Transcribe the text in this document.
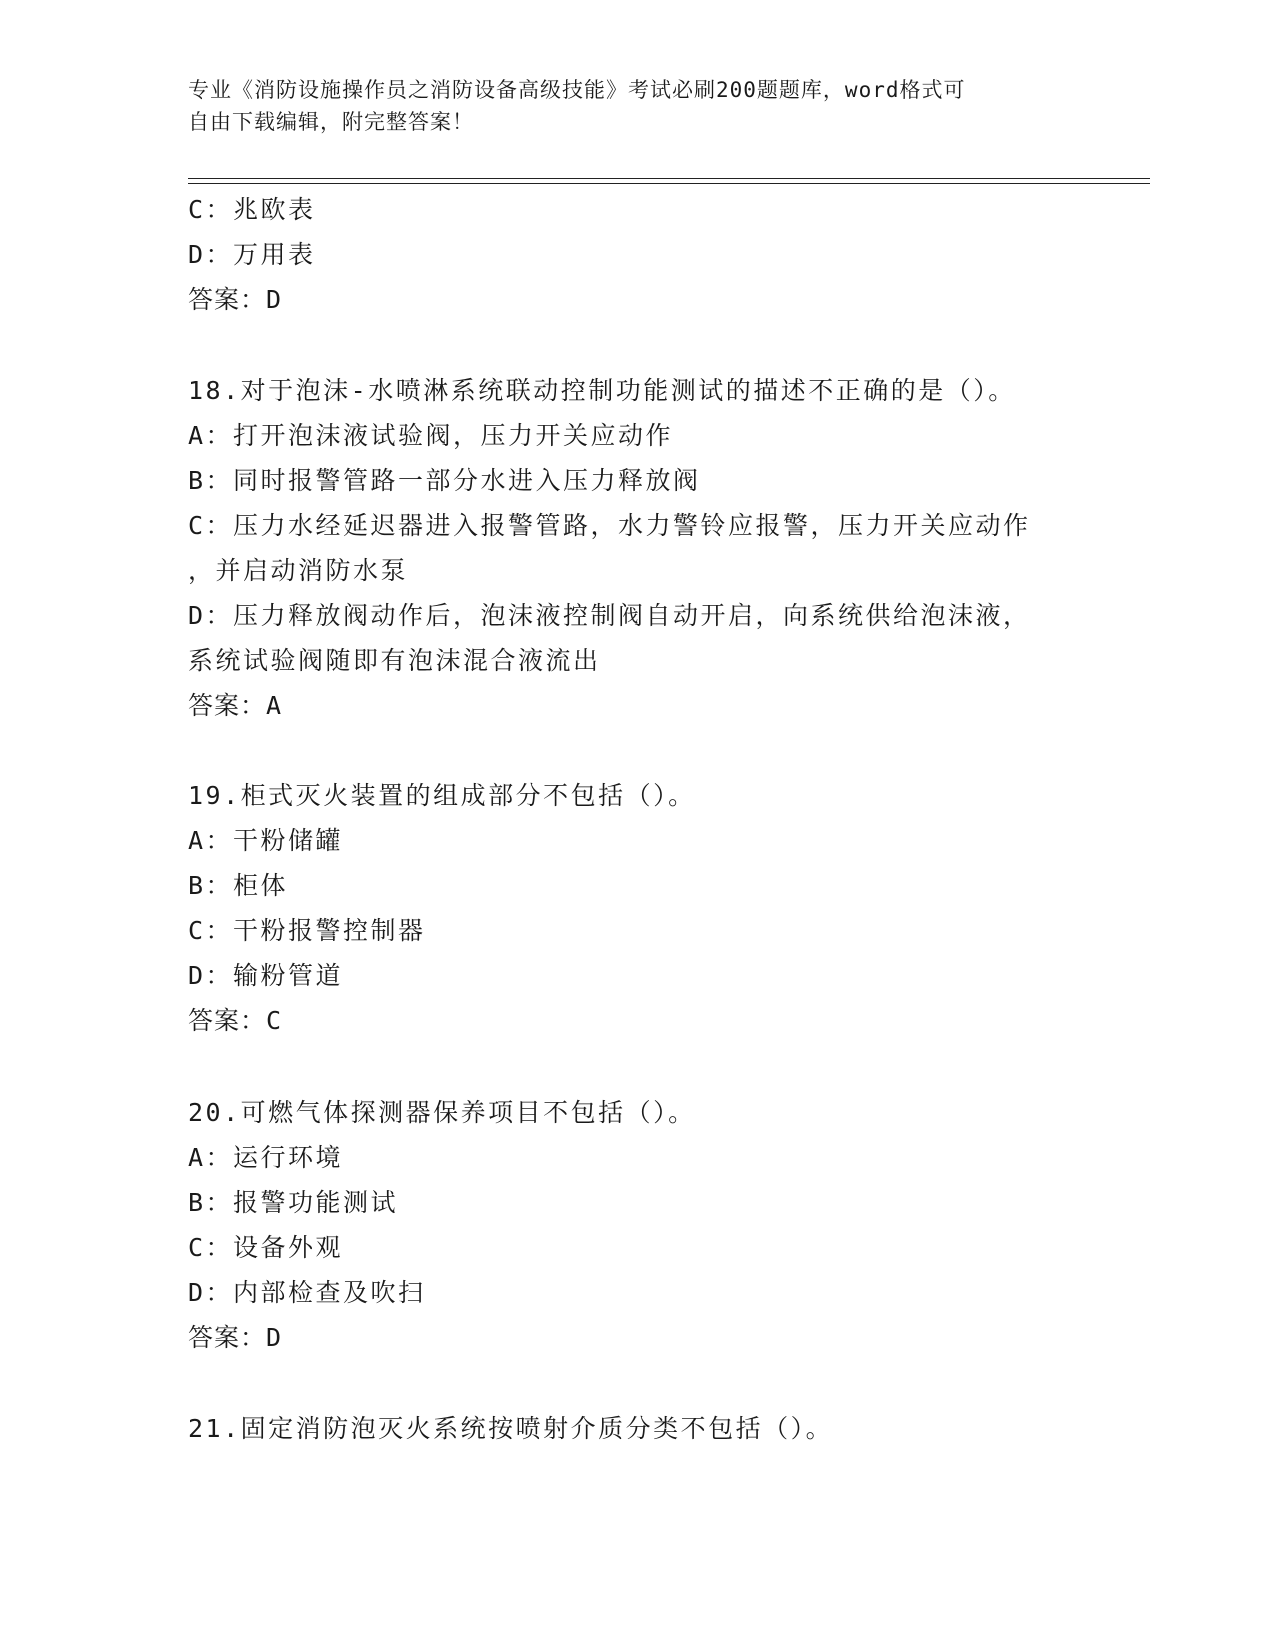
专业《消防设施操作员之消防设备高级技能》考试必刷200题题库，word格式可
自由下载编辑，附完整答案！
C：兆欧表
D：万用表
答案：D
18.对于泡沫-水喷淋系统联动控制功能测试的描述不正确的是（）。
A：打开泡沫液试验阀，压力开关应动作
B：同时报警管路一部分水进入压力释放阀
C：压力水经延迟器进入报警管路，水力警铃应报警，压力开关应动作
，并启动消防水泵
D：压力释放阀动作后，泡沫液控制阀自动开启，向系统供给泡沫液，
系统试验阀随即有泡沫混合液流出
答案：A
19.柜式灭火装置的组成部分不包括（）。
A：干粉储罐
B：柜体
C：干粉报警控制器
D：输粉管道
答案：C
20.可燃气体探测器保养项目不包括（）。
A：运行环境
B：报警功能测试
C：设备外观
D：内部检查及吹扫
答案：D
21.固定消防泡灭火系统按喷射介质分类不包括（）。
